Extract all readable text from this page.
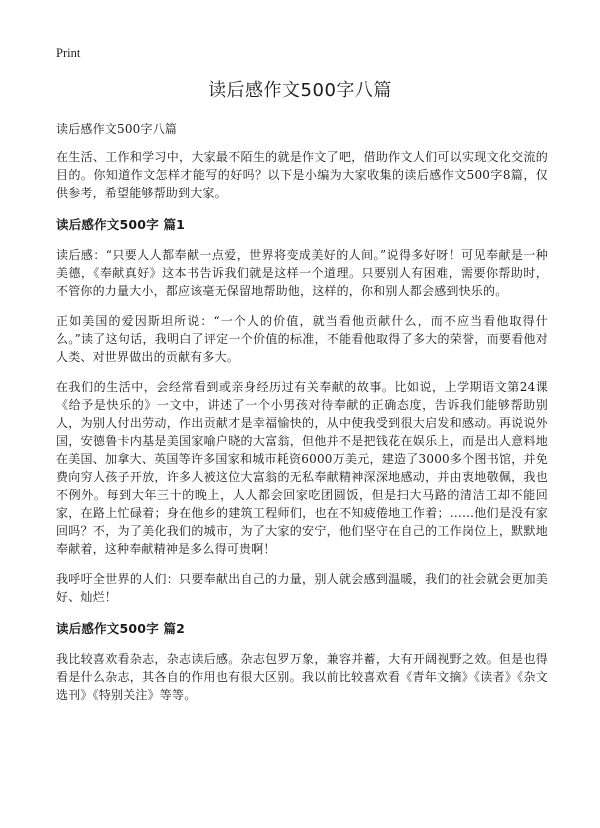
Print
读后感作文500字八篇

读后感作文500字八篇

在生活、工作和学习中，大家最不陌生的就是作文了吧，借助作文人们可以实现文化交流的目的。你知道作文怎样才能写的好吗？以下是小编为大家收集的读后感作文500字8篇，仅供参考，希望能够帮助到大家。

读后感作文500字 篇1

读后感：“只要人人都奉献一点爱，世界将变成美好的人间。”说得多好呀！可见奉献是一种美德，《奉献真好》这本书告诉我们就是这样一个道理。只要别人有困难，需要你帮助时，不管你的力量大小，都应该毫无保留地帮助他，这样的，你和别人都会感到快乐的。

正如美国的爱因斯坦所说：“一个人的价值，就当看他贡献什么，而不应当看他取得什么。”读了这句话，我明白了评定一个价值的标准，不能看他取得了多大的荣誉，而要看他对人类、对世界做出的贡献有多大。

在我们的生活中，会经常看到或亲身经历过有关奉献的故事。比如说，上学期语文第24课《给予是快乐的》一文中，讲述了一个小男孩对待奉献的正确态度，告诉我们能够帮助别人，为别人付出劳动，作出贡献才是幸福愉快的，从中使我受到很大启发和感动。再说说外国，安德鲁卡内基是美国家喻户晓的大富翁，但他并不是把钱花在娱乐上，而是出人意料地在美国、加拿大、英国等许多国家和城市耗资6000万美元，建造了3000多个图书馆，并免费向穷人孩子开放，许多人被这位大富翁的无私奉献精神深深地感动，并由衷地敬佩，我也不例外。每到大年三十的晚上，人人都会回家吃团圆饭，但是扫大马路的清洁工却不能回家，在路上忙碌着；身在他乡的建筑工程师们，也在不知疲倦地工作着；……他们是没有家回吗？不，为了美化我们的城市，为了大家的安宁，他们坚守在自己的工作岗位上，默默地奉献着，这种奉献精神是多么得可贵啊！

我呼吁全世界的人们：只要奉献出自己的力量，别人就会感到温暖，我们的社会就会更加美好、灿烂！

读后感作文500字 篇2

我比较喜欢看杂志，杂志读后感。杂志包罗万象，兼容并蓄，大有开阔视野之效。但是也得看是什么杂志，其各自的作用也有很大区别。我以前比较喜欢看《青年文摘》《读者》《杂文选刊》《特别关注》等等。
